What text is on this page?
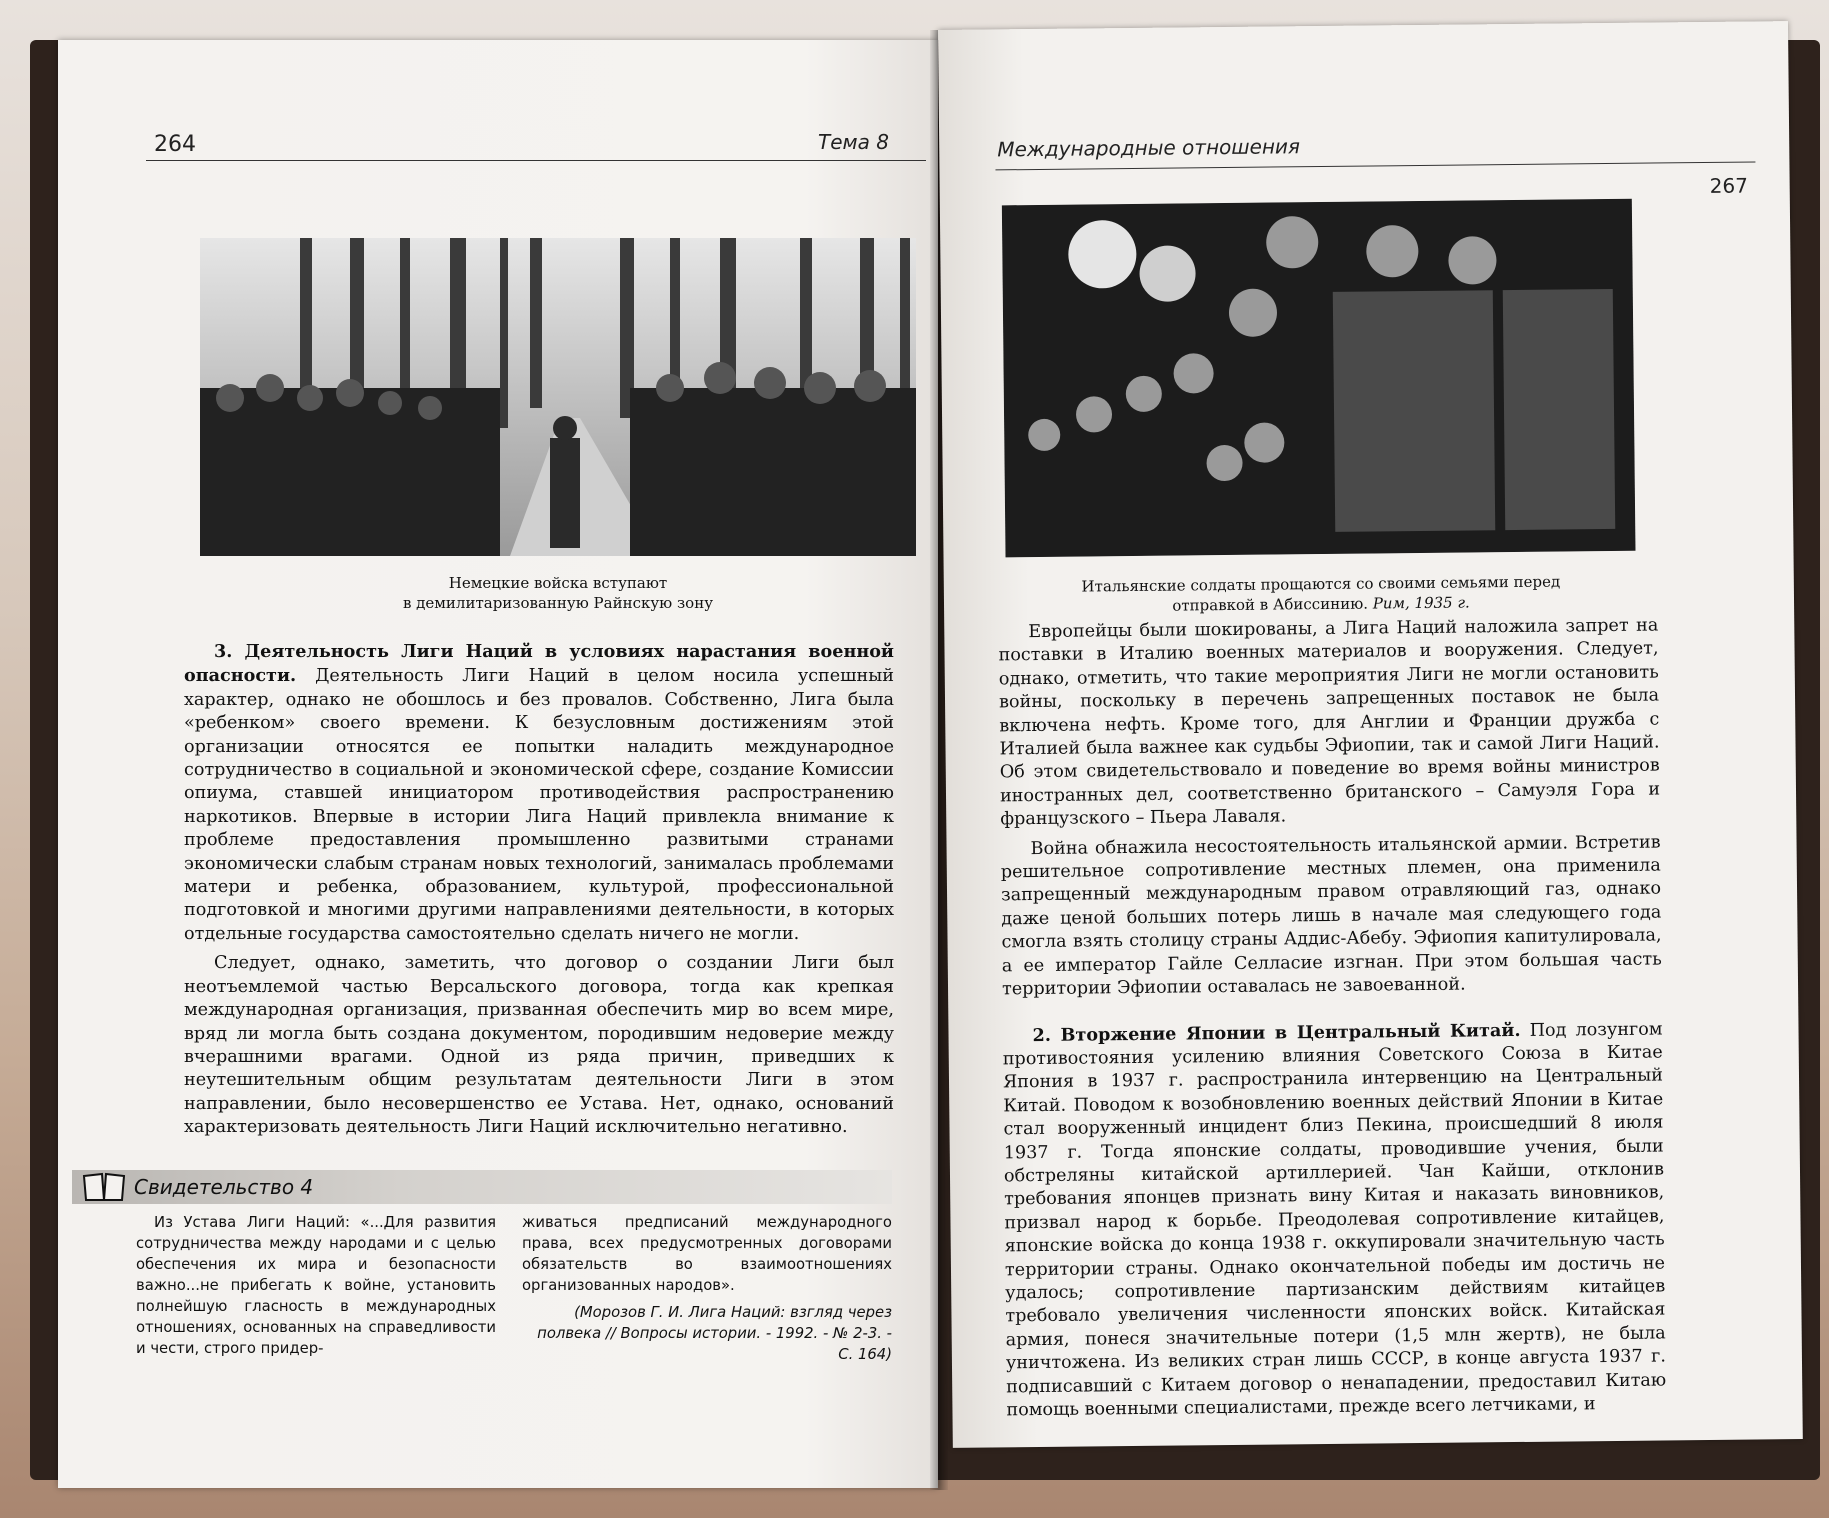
264	Тема 8
Немецкие войска вступают
в демилитаризованную Райнскую зону

3. Деятельность Лиги Наций в условиях нарастания военной опасности. Деятельность Лиги Наций в целом носила успешный характер, однако не обошлось и без провалов. Собственно, Лига была «ребенком» своего времени. К безусловным достижениям этой организации относятся ее попытки наладить международное сотрудничество в социальной и экономической сфере, создание Комиссии опиума, ставшей инициатором противодействия распространению наркотиков. Впервые в истории Лига Наций привлекла внимание к проблеме предоставления промышленно развитыми странами экономически слабым странам новых технологий, занималась проблемами матери и ребенка, образованием, культурой, профессиональной подготовкой и многими другими направлениями деятельности, в которых отдельные государства самостоятельно сделать ничего не могли.

Следует, однако, заметить, что договор о создании Лиги был неотъемлемой частью Версальского договора, тогда как крепкая международная организация, призванная обеспечить мир во всем мире, вряд ли могла быть создана документом, породившим недоверие между вчерашними врагами. Одной из ряда причин, приведших к неутешительным общим результатам деятельности Лиги в этом направлении, было несовершенство ее Устава. Нет, однако, оснований характеризовать деятельность Лиги Наций исключительно негативно.

Свидетельство 4

Из Устава Лиги Наций: «...Для развития сотрудничества между народами и с целью обеспечения их мира и безопасности важно...не прибегать к войне, установить полнейшую гласность в международных отношениях, основанных на справедливости и чести, строго придер-

живаться предписаний международного права, всех предусмотренных договорами обязательств во взаимоотношениях организованных народов».

(Морозов Г. И. Лига Наций: взгляд через полвека // Вопросы истории. - 1992. - № 2-3. - С. 164)

Международные отношения
267
Итальянские солдаты прощаются со своими семьями перед
отправкой в Абиссинию. Рим, 1935 г.

Европейцы были шокированы, а Лига Наций наложила запрет на поставки в Италию военных материалов и вооружения. Следует, однако, отметить, что такие мероприятия Лиги не могли остановить войны, поскольку в перечень запрещенных поставок не была включена нефть. Кроме того, для Англии и Франции дружба с Италией была важнее как судьбы Эфиопии, так и самой Лиги Наций. Об этом свидетельствовало и поведение во время войны министров иностранных дел, соответственно британского – Самуэля Гора и французского – Пьера Лаваля.

Война обнажила несостоятельность итальянской армии. Встретив решительное сопротивление местных племен, она применила запрещенный международным правом отравляющий газ, однако даже ценой больших потерь лишь в начале мая следующего года смогла взять столицу страны Аддис-Абебу. Эфиопия капитулировала, а ее император Гайле Селласие изгнан. При этом большая часть территории Эфиопии оставалась не завоеванной.

2. Вторжение Японии в Центральный Китай. Под лозунгом противостояния усилению влияния Советского Союза в Китае Япония в 1937 г. распространила интервенцию на Центральный Китай. Поводом к возобновлению военных действий Японии в Китае стал вооруженный инцидент близ Пекина, происшедший 8 июля 1937 г. Тогда японские солдаты, проводившие учения, были обстреляны китайской артиллерией. Чан Кайши, отклонив требования японцев признать вину Китая и наказать виновников, призвал народ к борьбе. Преодолевая сопротивление китайцев, японские войска до конца 1938 г. оккупировали значительную часть территории страны. Однако окончательной победы им достичь не удалось; сопротивление партизанским действиям китайцев требовало увеличения численности японских войск. Китайская армия, понеся значительные потери (1,5 млн жертв), не была уничтожена. Из великих стран лишь СССР, в конце августа 1937 г. подписавший с Китаем договор о ненападении, предоставил Китаю помощь военными специалистами, прежде всего летчиками, и
